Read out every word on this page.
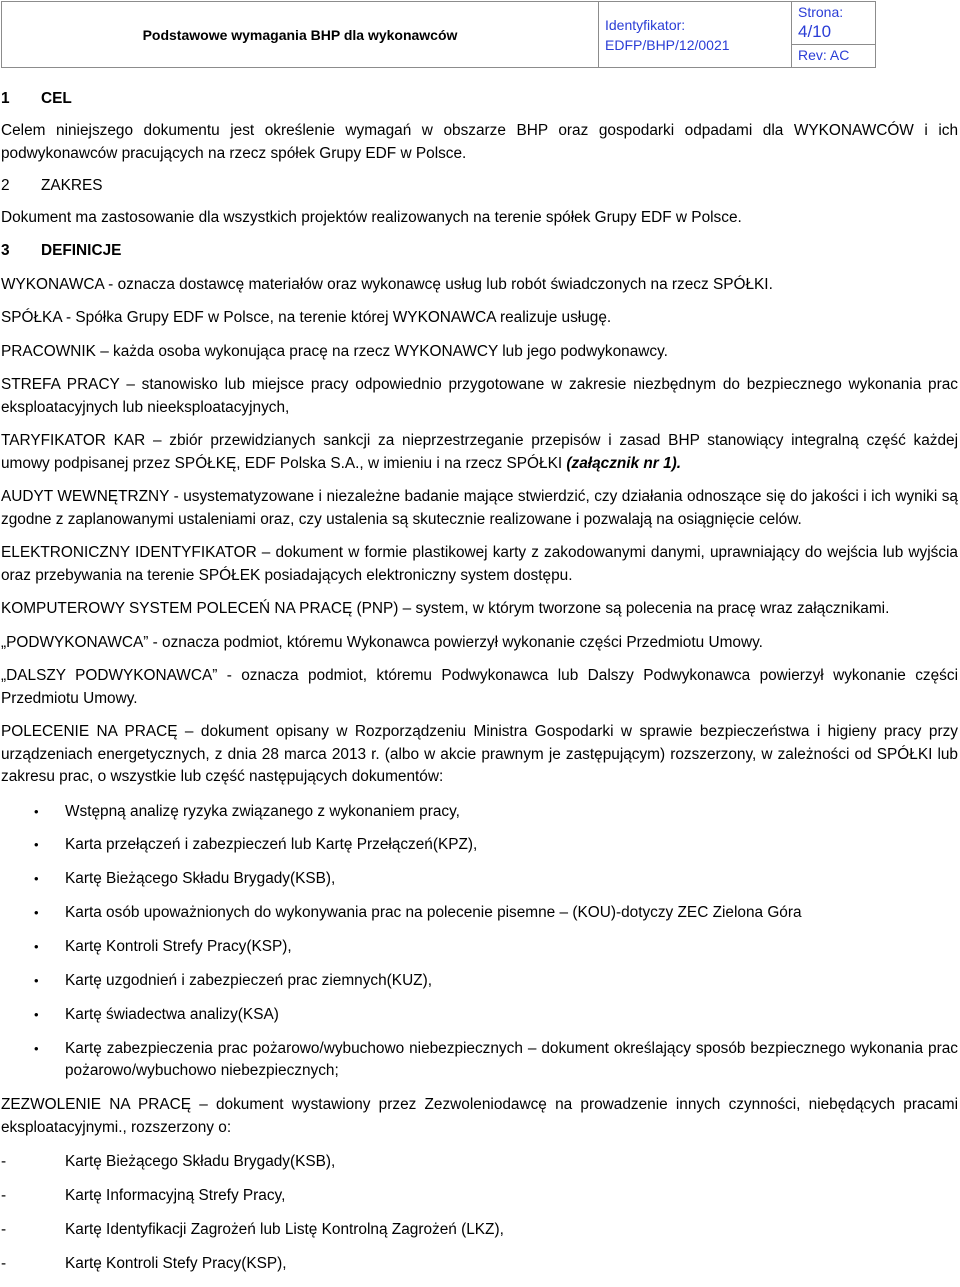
Podstawowe wymagania BHP dla wykonawców	
Identyfikator:
EDFP/BHP/12/0021

Strona:
4/10
Rev: AC
1 CEL

Celem niniejszego dokumentu jest określenie wymagań w obszarze BHP oraz gospodarki odpadami dla WYKONAWCÓW i ich podwykonawców pracujących na rzecz spółek Grupy EDF w Polsce.

2 ZAKRES

Dokument ma zastosowanie dla wszystkich projektów realizowanych na terenie spółek Grupy EDF w Polsce.

3 DEFINICJE

WYKONAWCA - oznacza dostawcę materiałów oraz wykonawcę usług lub robót świadczonych na rzecz SPÓŁKI.

SPÓŁKA - Spółka Grupy EDF w Polsce, na terenie której WYKONAWCA realizuje usługę.

PRACOWNIK – każda osoba wykonująca pracę na rzecz WYKONAWCY lub jego podwykonawcy.

STREFA PRACY – stanowisko lub miejsce pracy odpowiednio przygotowane w zakresie niezbędnym do bezpiecznego wykonania prac eksploatacyjnych lub nieeksploatacyjnych,

TARYFIKATOR KAR – zbiór przewidzianych sankcji za nieprzestrzeganie przepisów i zasad BHP stanowiący integralną część każdej umowy podpisanej przez SPÓŁKĘ, EDF Polska S.A., w imieniu i na rzecz SPÓŁKI (załącznik nr 1).

AUDYT WEWNĘTRZNY - usystematyzowane i niezależne badanie mające stwierdzić, czy działania odnoszące się do jakości i ich wyniki są zgodne z zaplanowanymi ustaleniami oraz, czy ustalenia są skutecznie realizowane i pozwalają na osiągnięcie celów.

ELEKTRONICZNY IDENTYFIKATOR – dokument w formie plastikowej karty z zakodowanymi danymi, uprawniający do wejścia lub wyjścia oraz przebywania na terenie SPÓŁEK posiadających elektroniczny system dostępu.

KOMPUTEROWY SYSTEM POLECEŃ NA PRACĘ (PNP) – system, w którym tworzone są polecenia na pracę wraz załącznikami.

„PODWYKONAWCA” - oznacza podmiot, któremu Wykonawca powierzył wykonanie części Przedmiotu Umowy.

„DALSZY PODWYKONAWCA” - oznacza podmiot, któremu Podwykonawca lub Dalszy Podwykonawca powierzył wykonanie części Przedmiotu Umowy.

POLECENIE NA PRACĘ – dokument opisany w Rozporządzeniu Ministra Gospodarki w sprawie bezpieczeństwa i higieny pracy przy urządzeniach energetycznych, z dnia 28 marca 2013 r. (albo w akcie prawnym je zastępującym) rozszerzony, w zależności od SPÓŁKI lub zakresu prac, o wszystkie lub część następujących dokumentów:

• Wstępną analizę ryzyka związanego z wykonaniem pracy,
• Karta przełączeń i zabezpieczeń lub Kartę Przełączeń(KPZ),
• Kartę Bieżącego Składu Brygady(KSB),
• Karta osób upoważnionych do wykonywania prac na polecenie pisemne – (KOU)-dotyczy ZEC Zielona Góra
• Kartę Kontroli Strefy Pracy(KSP),
• Kartę uzgodnień i zabezpieczeń prac ziemnych(KUZ),
• Kartę świadectwa analizy(KSA)
• Kartę zabezpieczenia prac pożarowo/wybuchowo niebezpiecznych – dokument określający sposób bezpiecznego wykonania prac pożarowo/wybuchowo niebezpiecznych;

ZEZWOLENIE NA PRACĘ – dokument wystawiony przez Zezwoleniodawcę na prowadzenie innych czynności, niebędących pracami eksploatacyjnymi., rozszerzony o:

-	Kartę Bieżącego Składu Brygady(KSB),
-	Kartę Informacyjną Strefy Pracy,
-	Kartę Identyfikacji Zagrożeń lub Listę Kontrolną Zagrożeń (LKZ),
-	Kartę Kontroli Stefy Pracy(KSP),
